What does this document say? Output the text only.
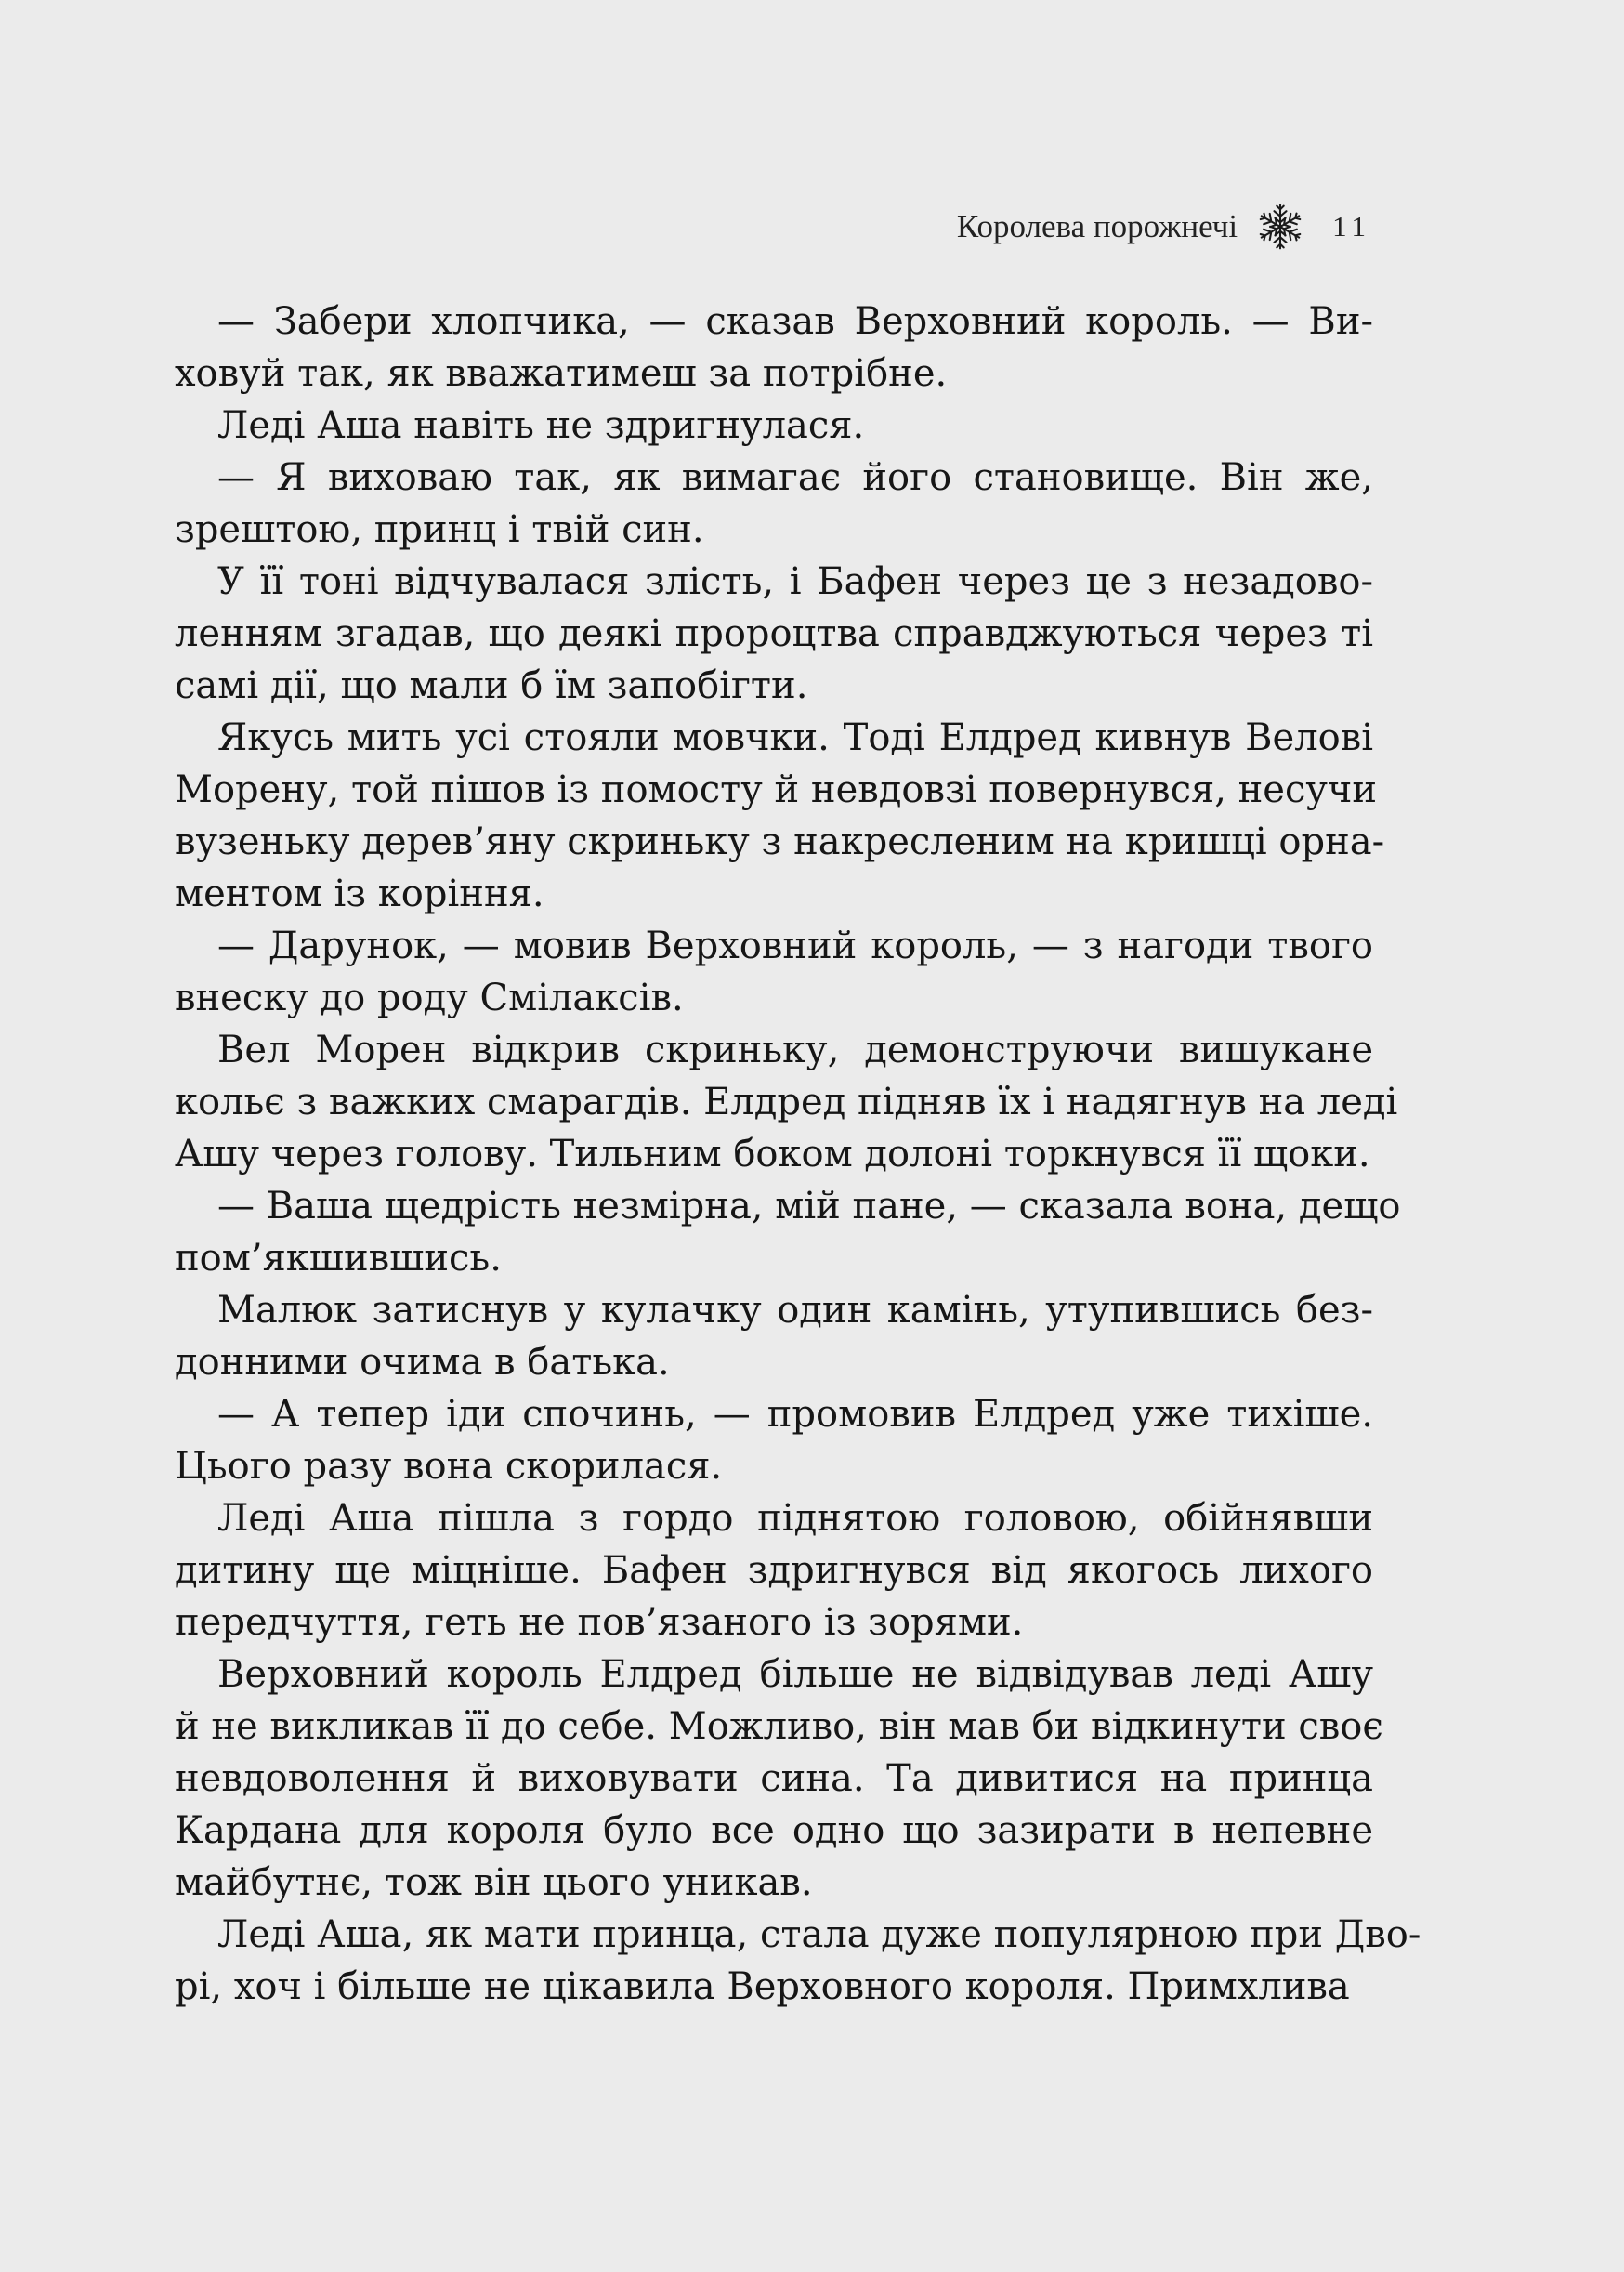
Королева порожнечі	11
— Забери хлопчика, — сказав Верховний король. — Ви-
ховуй так, як вважатимеш за потрібне.
Леді Аша навіть не здригнулася.
— Я виховаю так, як вимагає його становище. Він же,
зрештою, принц і твій син.
У її тоні відчувалася злість, і Бафен через це з незадово-
ленням згадав, що деякі пророцтва справджуються через ті
самі дії, що мали б їм запобігти.
Якусь мить усі стояли мовчки. Тоді Елдред кивнув Велові
Морену, той пішов із помосту й невдовзі повернувся, несучи
вузеньку дерев’яну скриньку з накресленим на кришці орна-
ментом із коріння.
— Дарунок, — мовив Верховний король, — з нагоди твого
внеску до роду Смілаксів.
Вел Морен відкрив скриньку, демонструючи вишукане
кольє з важких смарагдів. Елдред підняв їх і надягнув на леді
Ашу через голову. Тильним боком долоні торкнувся її щоки.
— Ваша щедрість незмірна, мій пане, — сказала вона, дещо
пом’якшившись.
Малюк затиснув у кулачку один камінь, утупившись без-
донними очима в батька.
— А тепер іди спочинь, — промовив Елдред уже тихіше.
Цього разу вона скорилася.
Леді Аша пішла з гордо піднятою головою, обійнявши
дитину ще міцніше. Бафен здригнувся від якогось лихого
передчуття, геть не пов’язаного із зорями.
Верховний король Елдред більше не відвідував леді Ашу
й не викликав її до себе. Можливо, він мав би відкинути своє
невдоволення й виховувати сина. Та дивитися на принца
Кардана для короля було все одно що зазирати в непевне
майбутнє, тож він цього уникав.
Леді Аша, як мати принца, стала дуже популярною при Дво-
рі, хоч і більше не цікавила Верховного короля. Примхлива
